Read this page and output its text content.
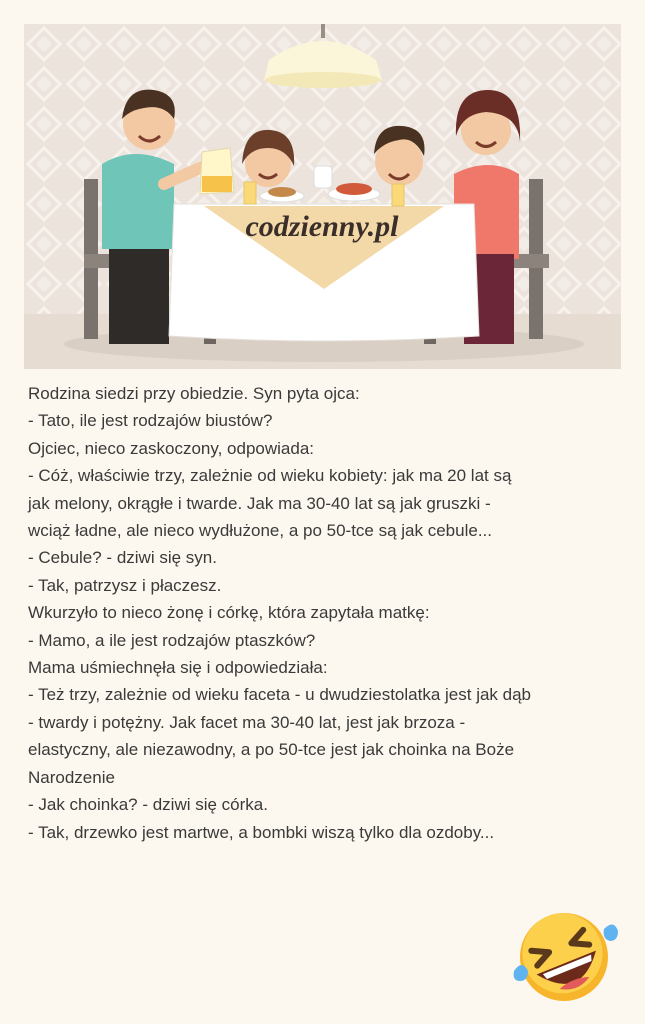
codzienny.pl
Rodzina siedzi przy obiedzie. Syn pyta ojca:
- Tato, ile jest rodzajów biustów?
Ojciec, nieco zaskoczony, odpowiada:
- Cóż, właściwie trzy, zależnie od wieku kobiety: jak ma 20 lat są
jak melony, okrągłe i twarde. Jak ma 30-40 lat są jak gruszki -
wciąż ładne, ale nieco wydłużone, a po 50-tce są jak cebule...
- Cebule? - dziwi się syn.
- Tak, patrzysz i płaczesz.
Wkurzyło to nieco żonę i córkę, która zapytała matkę:
- Mamo, a ile jest rodzajów ptaszków?
Mama uśmiechnęła się i odpowiedziała:
- Też trzy, zależnie od wieku faceta - u dwudziestolatka jest jak dąb
- twardy i potężny. Jak facet ma 30-40 lat, jest jak brzoza -
elastyczny, ale niezawodny, a po 50-tce jest jak choinka na Boże
Narodzenie
- Jak choinka? - dziwi się córka.
- Tak, drzewko jest martwe, a bombki wiszą tylko dla ozdoby...
